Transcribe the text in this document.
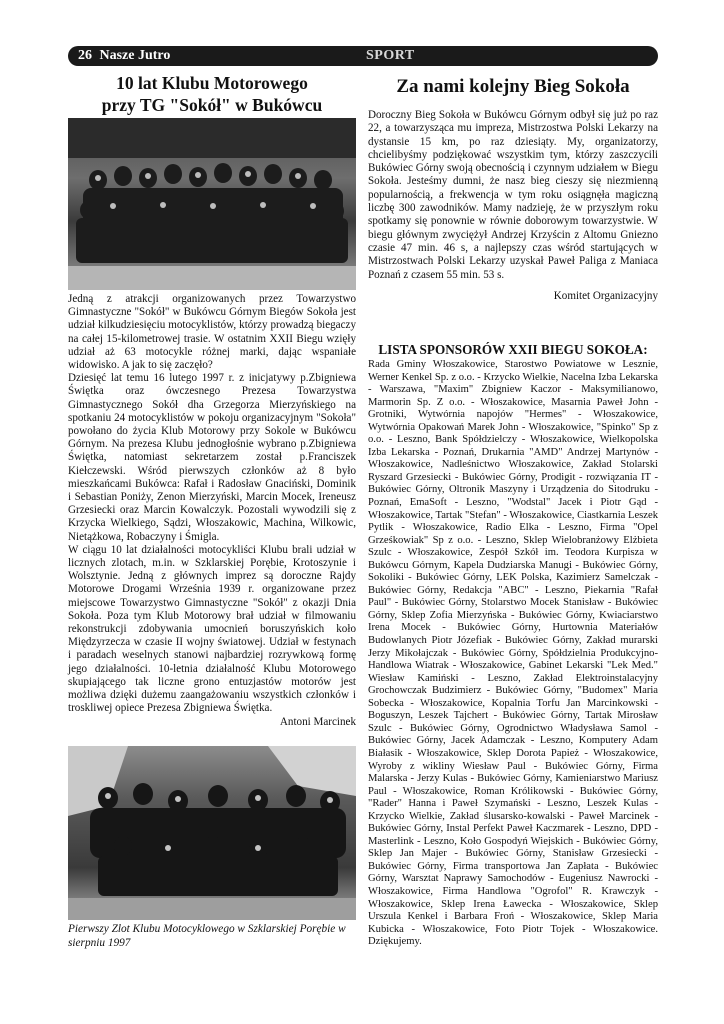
26 Nasze Jutro	SPORT
10 lat Klubu Motorowego
przy TG "Sokół" w Bukówcu

Jedną z atrakcji organizowanych przez Towarzystwo Gimnastyczne "Sokół" w Bukówcu Górnym Biegów Sokoła jest udział kilkudziesięciu motocyklistów, którzy prowadzą biegaczy na całej 15-kilometrowej trasie. W ostatnim XXII Biegu wzięły udział aż 63 motocykle różnej marki, dając wspaniałe widowisko. A jak to się zaczęło?

Dziesięć lat temu 16 lutego 1997 r. z inicjatywy p.Zbigniewa Świętka oraz ówczesnego Prezesa Towarzystwa Gimnastycznego Sokół dha Grzegorza Mierzyńskiego na spotkaniu 24 motocyklistów w pokoju organizacyjnym "Sokoła" powołano do życia Klub Motorowy przy Sokole w Bukówcu Górnym. Na prezesa Klubu jednogłośnie wybrano p.Zbigniewa Świętka, natomiast sekretarzem został p.Franciszek Kiełczewski. Wśród pierwszych członków aż 8 było mieszkańcami Bukówca: Rafał i Radosław Gnaciński, Dominik i Sebastian Poniży, Zenon Mierzyński, Marcin Mocek, Ireneusz Grzesiecki oraz Marcin Kowalczyk. Pozostali wywodzili się z Krzycka Wielkiego, Sądzi, Włoszakowic, Machina, Wilkowic, Nietążkowa, Robaczyny i Śmigla.

W ciągu 10 lat działalności motocykliści Klubu brali udział w licznych zlotach, m.in. w Szklarskiej Porębie, Krotoszynie i Wolsztynie. Jedną z głównych imprez są doroczne Rajdy Motorowe Drogami Września 1939 r. organizowane przez miejscowe Towarzystwo Gimnastyczne "Sokół" z okazji Dnia Sokoła. Poza tym Klub Motorowy brał udział w filmowaniu rekonstrukcji zdobywania umocnień boruszyńskich koło Międzyrzecza w czasie II wojny światowej. Udział w festynach i paradach weselnych stanowi najbardziej rozrywkową formę jego działalności. 10-letnia działalność Klubu Motorowego skupiającego tak liczne grono entuzjastów motorów jest możliwa dzięki dużemu zaangażowaniu wszystkich członków i troskliwej opiece Prezesa Zbigniewa Świętka.

Antoni Marcinek

Pierwszy Zlot Klubu Motocyklowego w Szklarskiej Porębie w sierpniu 1997
Za nami kolejny Bieg Sokoła

Doroczny Bieg Sokoła w Bukówcu Górnym odbył się już po raz 22, a towarzysząca mu impreza, Mistrzostwa Polski Lekarzy na dystansie 15 km, po raz dziesiąty. My, organizatorzy, chcielibyśmy podziękować wszystkim tym, którzy zaszczycili Bukówiec Górny swoją obecnością i czynnym udziałem w Biegu Sokoła. Jesteśmy dumni, że nasz bieg cieszy się niezmienną popularnością, a frekwencja w tym roku osiągnęła magiczną liczbę 300 zawodników. Mamy nadzieję, że w przyszłym roku spotkamy się ponownie w równie doborowym towarzystwie. W biegu głównym zwyciężył Andrzej Krzyścin z Altomu Gniezno czasie 47 min. 46 s, a najlepszy czas wśród startujących w Mistrzostwach Polski Lekarzy uzyskał Paweł Paliga z Maniaca Poznań z czasem 55 min. 53 s.

Komitet Organizacyjny

LISTA SPONSORÓW XXII BIEGU SOKOŁA:

Rada Gminy Włoszakowice, Starostwo Powiatowe w Lesznie, Werner Kenkel Sp. z o.o. - Krzycko Wielkie, Nacelna Izba Lekarska - Warszawa, "Maxim" Zbigniew Kaczor - Maksymilianowo, Marmorin Sp. Z o.o. - Włoszakowice, Masarnia Paweł John - Grotniki, Wytwórnia napojów "Hermes" - Włoszakowice, Wytwórnia Opakowań Marek John - Włoszakowice, "Spinko" Sp z o.o. - Leszno, Bank Spółdzielczy - Włoszakowice, Wielkopolska Izba Lekarska - Poznań, Drukarnia "AMD" Andrzej Martynów - Włoszakowice, Nadleśnictwo Włoszakowice, Zakład Stolarski Ryszard Grzesiecki - Bukówiec Górny, Prodigit - rozwiązania IT - Bukówiec Górny, Oltronik Maszyny i Urządzenia do Sitodruku - Poznań, EmaSoft - Leszno, "Wodstal" Jacek i Piotr Gąd - Włoszakowice, Tartak "Stefan" - Włoszakowice, Ciastkarnia Leszek Pytlik - Włoszakowice, Radio Elka - Leszno, Firma "Opel Grześkowiak" Sp z o.o. - Leszno, Sklep Wielobranżowy Elżbieta Szulc - Włoszakowice, Zespół Szkół im. Teodora Kurpisza w Bukówcu Górnym, Kapela Dudziarska Manugi - Bukówiec Górny, Sokoliki - Bukówiec Górny, LEK Polska, Kazimierz Samelczak - Bukówiec Górny, Redakcja "ABC" - Leszno, Piekarnia "Rafał Paul" - Bukówiec Górny, Stolarstwo Mocek Stanisław - Bukówiec Górny, Sklep Zofia Mierzyńska - Bukówiec Górny, Kwiaciarstwo Irena Mocek - Bukówiec Górny, Hurtownia Materiałów Budowlanych Piotr Józefiak - Bukówiec Górny, Zakład murarski Jerzy Mikołajczak - Bukówiec Górny, Spółdzielnia Produkcyjno-Handlowa Wiatrak - Włoszakowice, Gabinet Lekarski "Lek Med." Wiesław Kamiński - Leszno, Zakład Elektroinstalacyjny Grochowczak Budzimierz - Bukówiec Górny, "Budomex" Maria Sobecka - Włoszakowice, Kopalnia Torfu Jan Marcinkowski - Boguszyn, Leszek Tajchert - Bukówiec Górny, Tartak Mirosław Szulc - Bukówiec Górny, Ogrodnictwo Władysława Samol - Bukówiec Górny, Jacek Adamczak - Leszno, Komputery Adam Białasik - Włoszakowice, Sklep Dorota Papież - Włoszakowice, Wyroby z wikliny Wiesław Paul - Bukówiec Górny, Firma Malarska - Jerzy Kulas - Bukówiec Górny, Kamieniarstwo Mariusz Paul - Włoszakowice, Roman Królikowski - Bukówiec Górny, "Rader" Hanna i Paweł Szymański - Leszno, Leszek Kulas - Krzycko Wielkie, Zakład ślusarsko-kowalski - Paweł Marcinek - Bukówiec Górny, Instal Perfekt Paweł Kaczmarek - Leszno, DPD - Masterlink - Leszno, Koło Gospodyń Wiejskich - Bukówiec Górny, Sklep Jan Majer - Bukówiec Górny, Stanisław Grzesiecki - Bukówiec Górny, Firma transportowa Jan Zapłata - Bukówiec Górny, Warsztat Naprawy Samochodów - Eugeniusz Nawrocki - Włoszakowice, Firma Handlowa "Ogrofol" R. Krawczyk - Włoszakowice, Sklep Irena Ławecka - Włoszakowice, Sklep Urszula Kenkel i Barbara Froń - Włoszakowice, Sklep Maria Kubicka - Włoszakowice, Foto Piotr Tojek - Włoszakowice. Dziękujemy.
